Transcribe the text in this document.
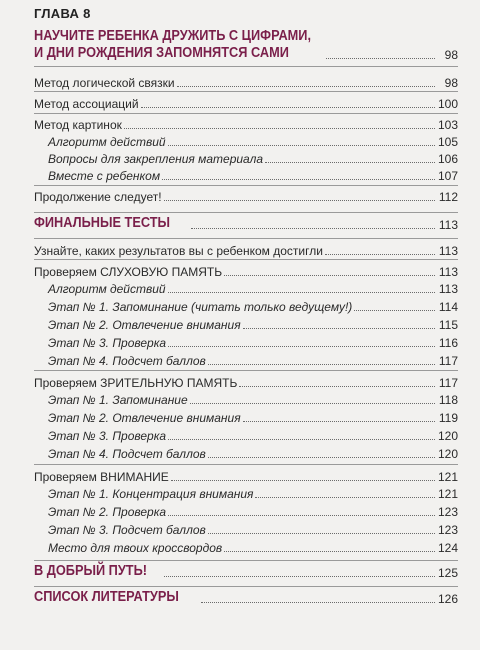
ГЛАВА 8
НАУЧИТЕ РЕБЕНКА ДРУЖИТЬ С ЦИФРАМИ,
И ДНИ РОЖДЕНИЯ ЗАПОМНЯТСЯ САМИ	98
Метод логической связки	98
Метод ассоциаций	100
Метод картинок	103
Алгоритм действий	105
Вопросы для закрепления материала	106
Вместе с ребенком	107
Продолжение следует!	112
ФИНАЛЬНЫЕ ТЕСТЫ	113
Узнайте, каких результатов вы с ребенком достигли	113
Проверяем СЛУХОВУЮ ПАМЯТЬ	113
Алгоритм действий	113
Этап № 1. Запоминание (читать только ведущему!)	114
Этап № 2. Отвлечение внимания	115
Этап № 3. Проверка	116
Этап № 4. Подсчет баллов	117
Проверяем ЗРИТЕЛЬНУЮ ПАМЯТЬ	117
Этап № 1. Запоминание	118
Этап № 2. Отвлечение внимания	119
Этап № 3. Проверка	120
Этап № 4. Подсчет баллов	120
Проверяем ВНИМАНИЕ	121
Этап № 1. Концентрация внимания	121
Этап № 2. Проверка	123
Этап № 3. Подсчет баллов	123
Место для твоих кроссвордов	124
В ДОБРЫЙ ПУТЬ!	125
СПИСОК ЛИТЕРАТУРЫ	126
